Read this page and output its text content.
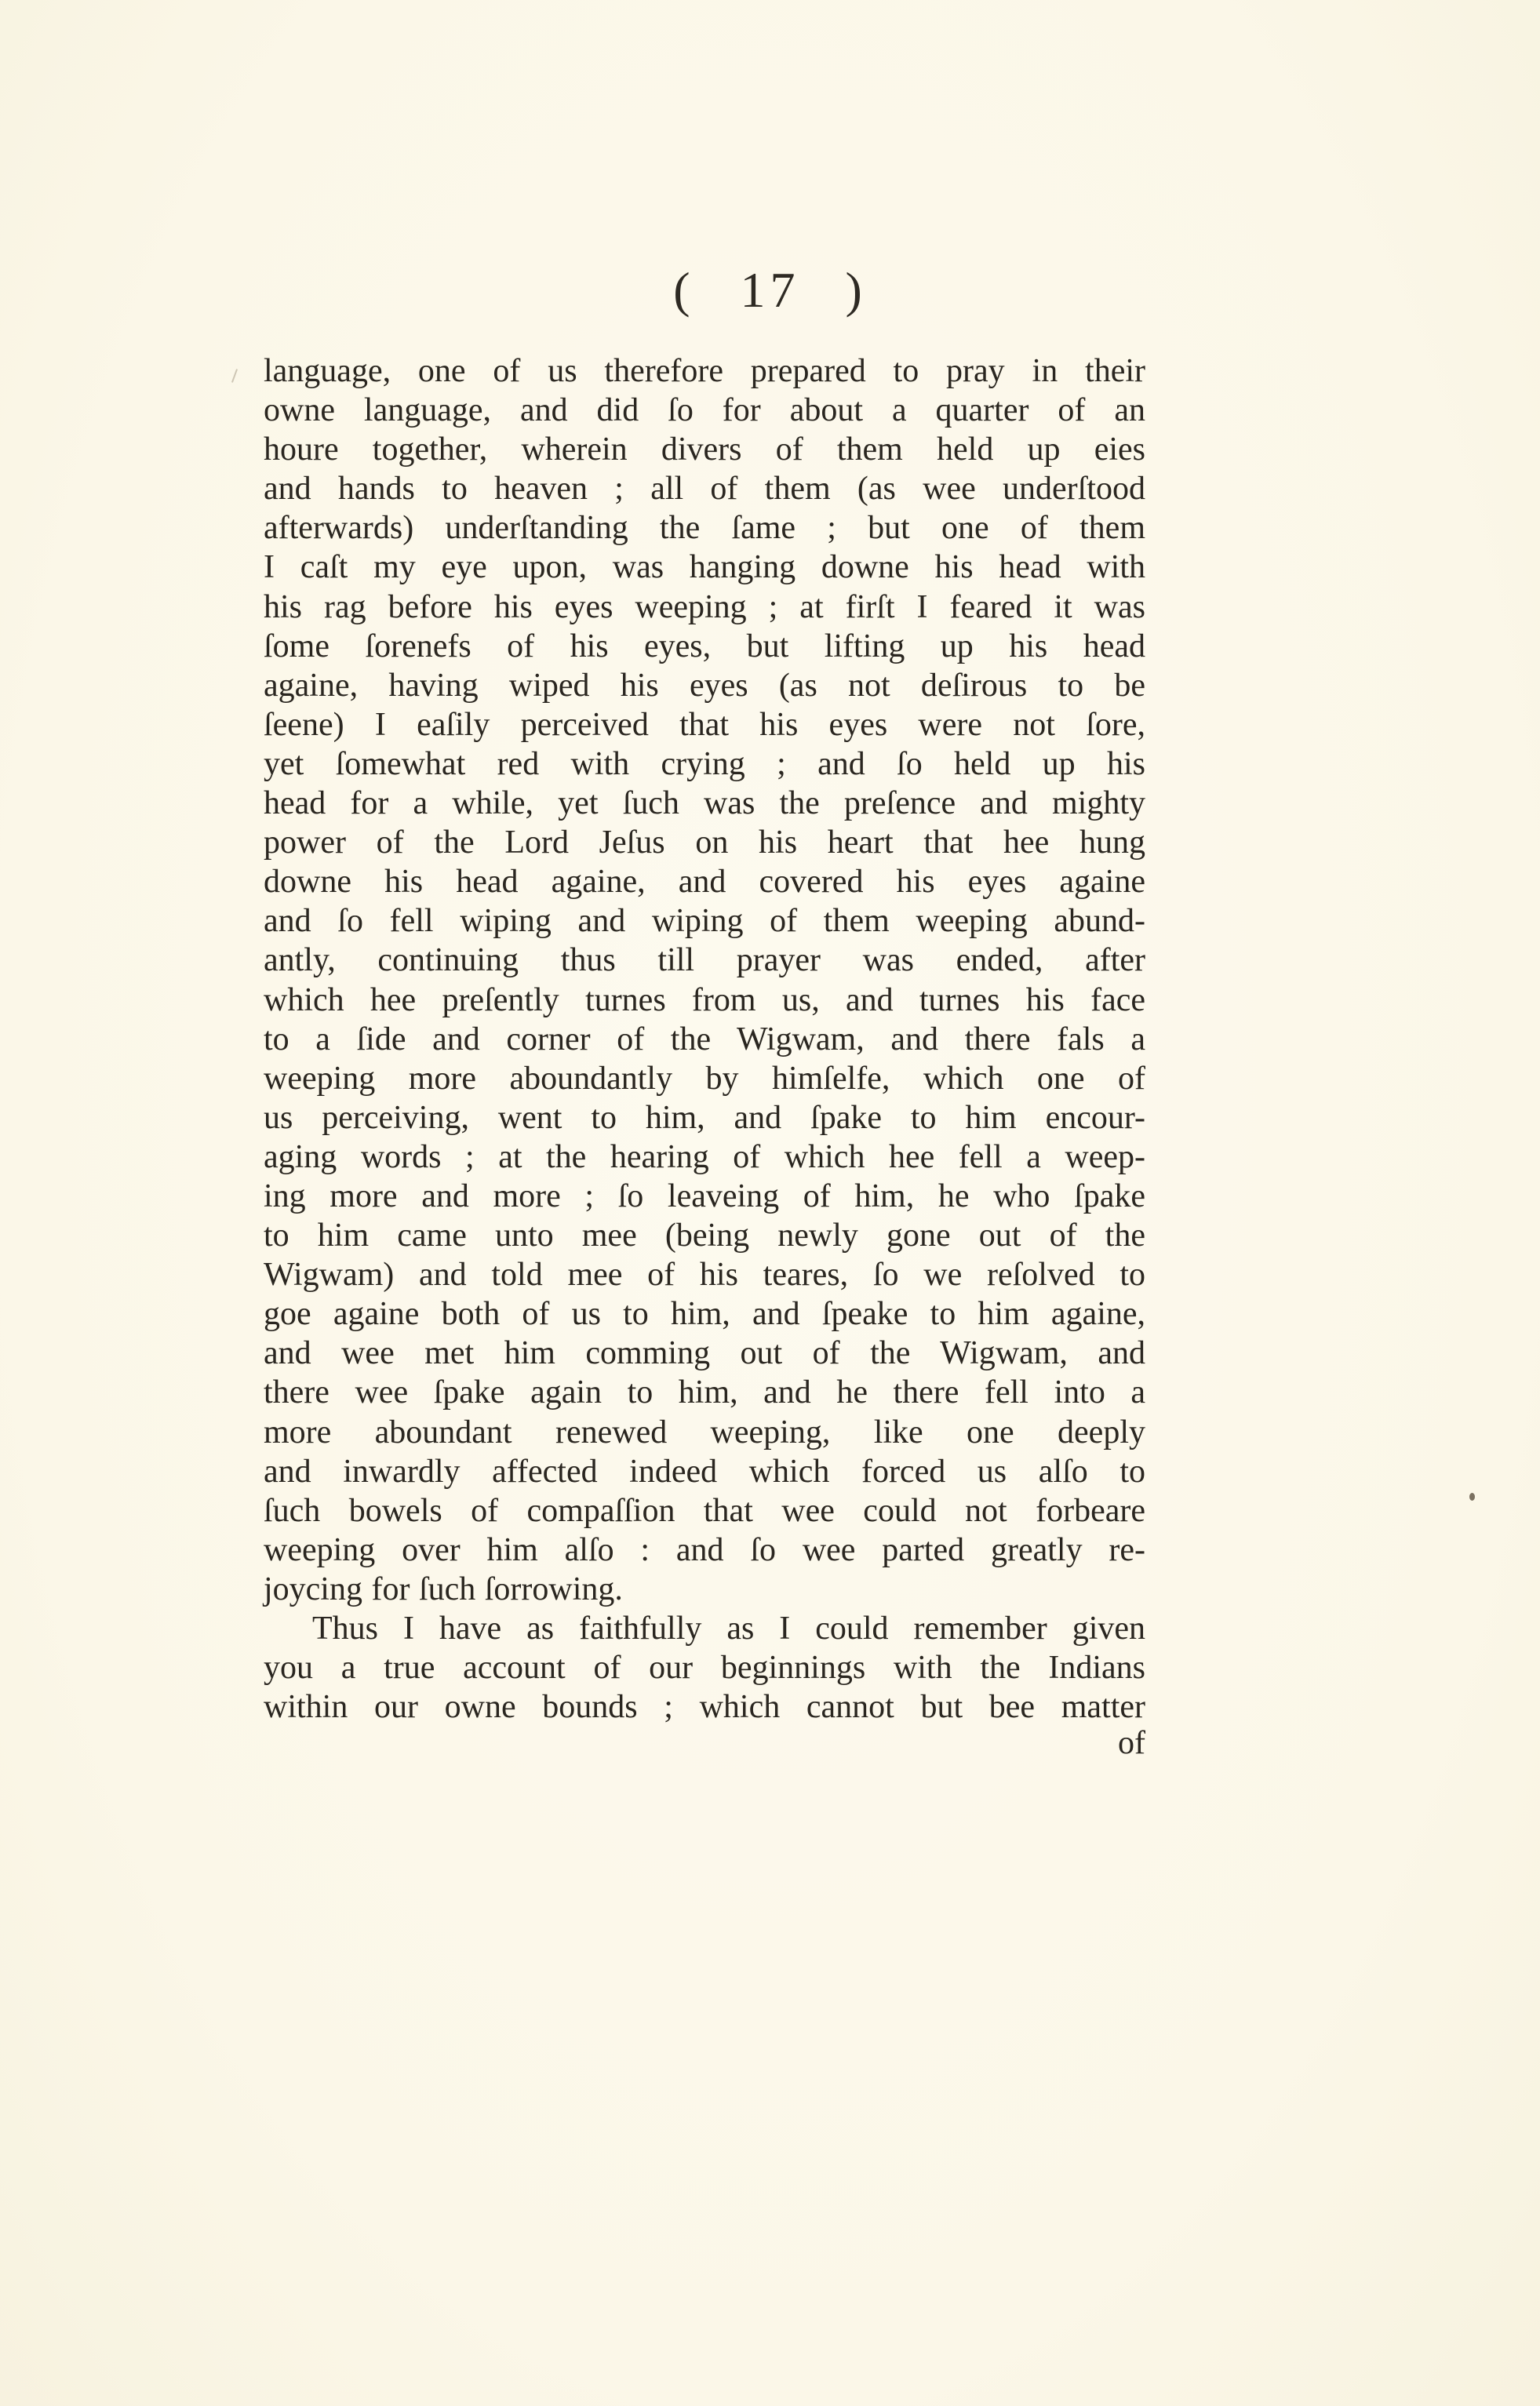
( 17 )
language, one of us therefore prepared to pray in their
owne language, and did ſo for about a quarter of an
houre together, wherein divers of them held up eies
and hands to heaven ; all of them (as wee underſtood
afterwards) underſtanding the ſame ; but one of them
I caſt my eye upon, was hanging downe his head with
his rag before his eyes weeping ; at firſt I feared it was
ſome ſorenefs of his eyes, but lifting up his head
againe, having wiped his eyes (as not deſirous to be
ſeene) I eaſily perceived that his eyes were not ſore,
yet ſomewhat red with crying ; and ſo held up his
head for a while, yet ſuch was the preſence and mighty
power of the Lord Jeſus on his heart that hee hung
downe his head againe, and covered his eyes againe
and ſo fell wiping and wiping of them weeping abund-
antly, continuing thus till prayer was ended, after
which hee preſently turnes from us, and turnes his face
to a ſide and corner of the Wigwam, and there fals a
weeping more aboundantly by himſelfe, which one of
us perceiving, went to him, and ſpake to him encour-
aging words ; at the hearing of which hee fell a weep-
ing more and more ; ſo leaveing of him, he who ſpake
to him came unto mee (being newly gone out of the
Wigwam) and told mee of his teares, ſo we reſolved to
goe againe both of us to him, and ſpeake to him againe,
and wee met him comming out of the Wigwam, and
there wee ſpake again to him, and he there fell into a
more aboundant renewed weeping, like one deeply
and inwardly affected indeed which forced us alſo to
ſuch bowels of compaſſion that wee could not forbeare
weeping over him alſo : and ſo wee parted greatly re-
joycing for ſuch ſorrowing.
Thus I have as faithfully as I could remember given
you a true account of our beginnings with the Indians
within our owne bounds ; which cannot but bee matter
of
